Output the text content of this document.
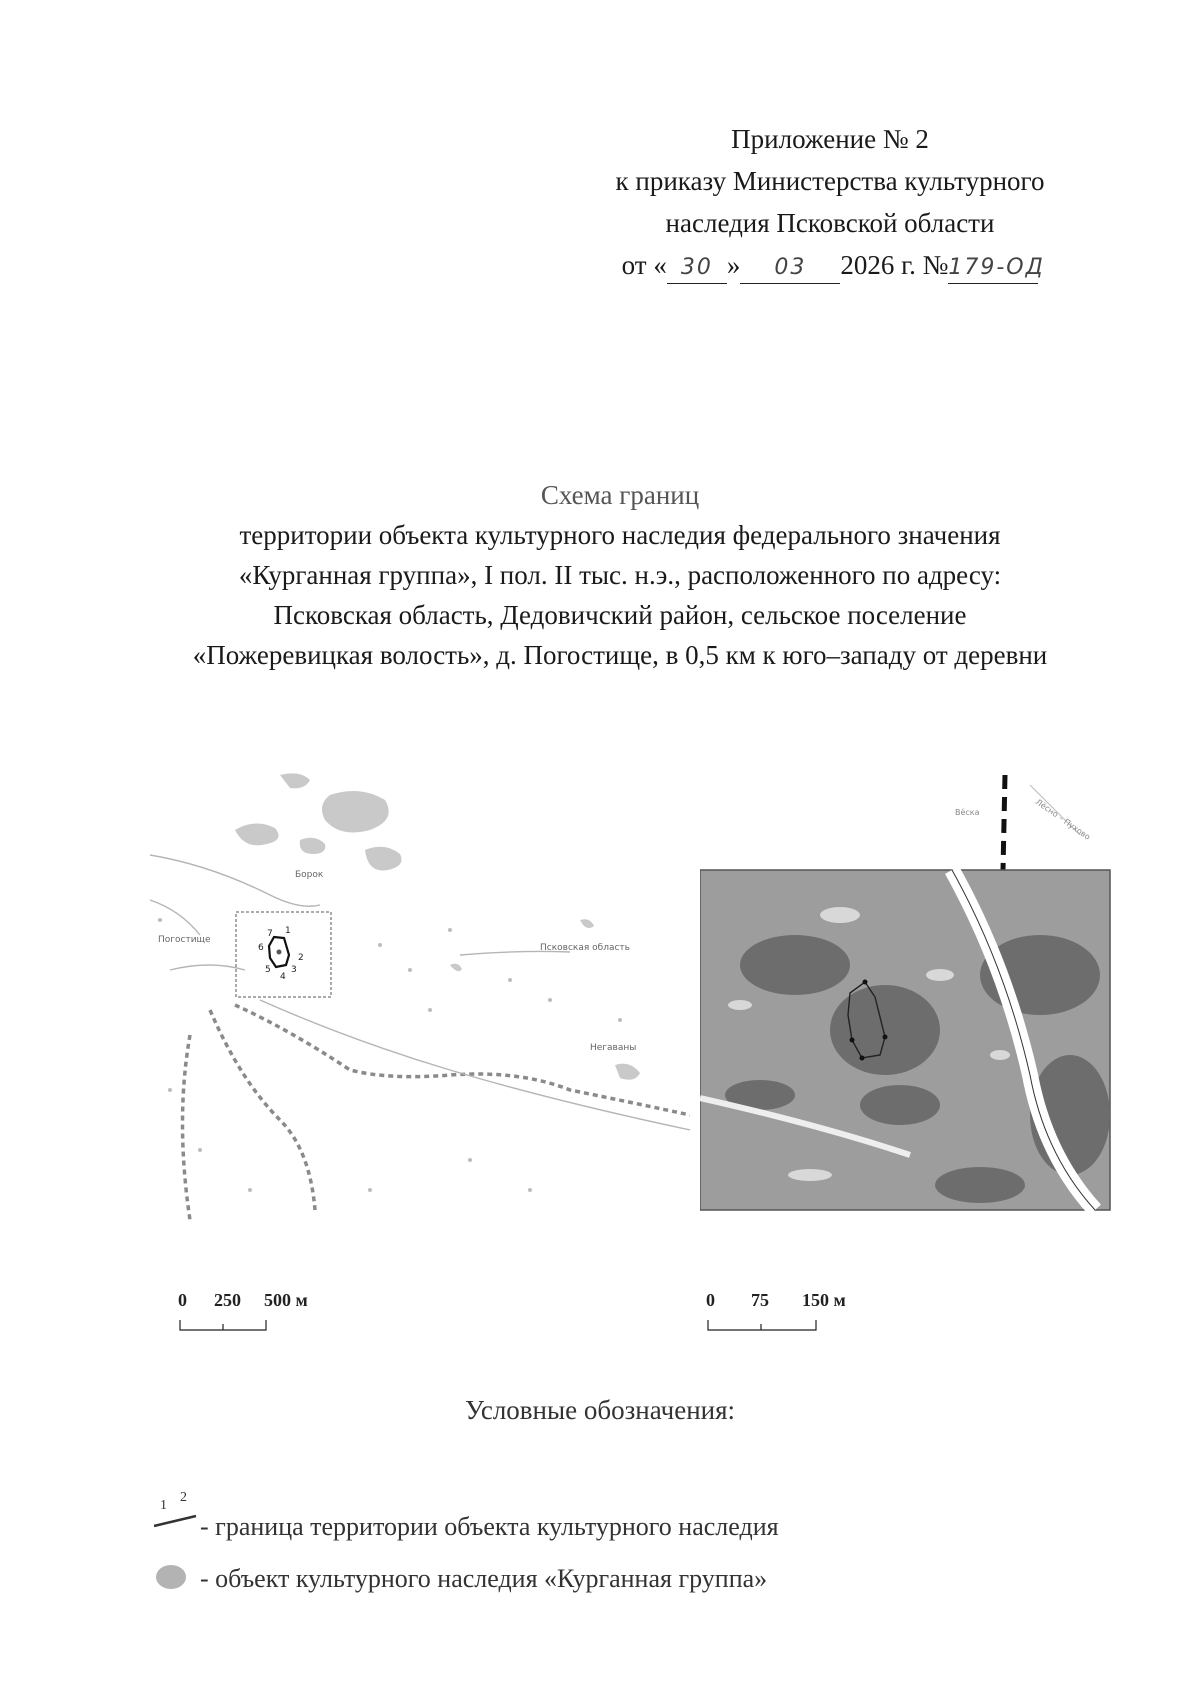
Приложение № 2
к приказу Министерства культурного
наследия Псковской области
от « 30 » 03 2026 г. №179-ОД
Схема границ
территории объекта культурного наследия федерального значения
«Курганная группа», I пол. II тыс. н.э., расположенного по адресу:
Псковская область, Дедовичский район, сельское поселение
«Пожеревицкая волость», д. Погостище, в 0,5 км к юго–западу от деревни
1
2
3
4
5
6
7
Погостище
Псковская область
Борок
Негаваны
Вёска	Лёсно – Пухово
0 250 500 м	0 75 150 м
Условные обозначения:
1
2
- граница территории объекта культурного наследия
- объект культурного наследия «Курганная группа»
